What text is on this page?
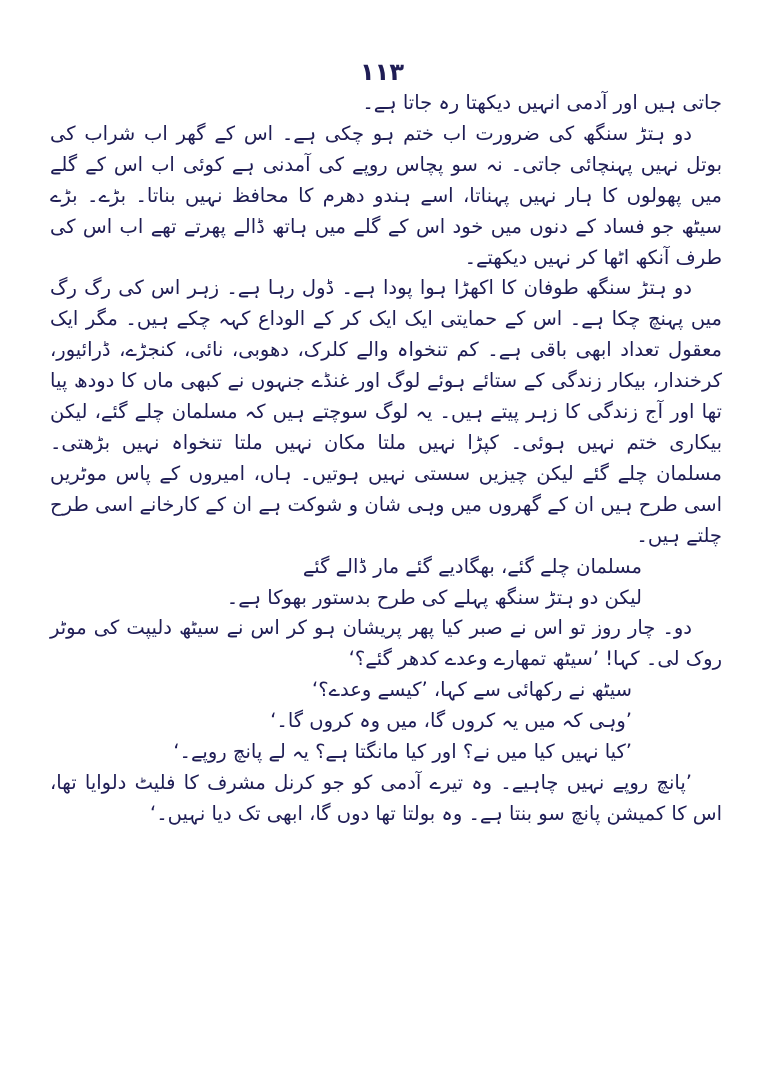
۱۱۳

جاتی ہیں اور آدمی انہیں دیکھتا رہ جاتا ہے۔

دو ہتڑ سنگھ کی ضرورت اب ختم ہو چکی ہے۔ اس کے گھر اب شراب کی بوتل نہیں پہنچائی جاتی۔ نہ سو پچاس روپے کی آمدنی ہے کوئی اب اس کے گلے میں پھولوں کا ہار نہیں پہناتا، اسے ہندو دھرم کا محافظ نہیں بناتا۔ بڑے۔ بڑے سیٹھ جو فساد کے دنوں میں خود اس کے گلے میں ہاتھ ڈالے پھرتے تھے اب اس کی طرف آنکھ اٹھا کر نہیں دیکھتے۔

دو ہتڑ سنگھ طوفان کا اکھڑا ہوا پودا ہے۔ ڈول رہا ہے۔ زہر اس کی رگ رگ میں پہنچ چکا ہے۔ اس کے حمایتی ایک ایک کر کے الوداع کہہ چکے ہیں۔ مگر ایک معقول تعداد ابھی باقی ہے۔ کم تنخواہ والے کلرک، دھوبی، نائی، کنجڑے، ڈرائیور، کرخندار، بیکار زندگی کے ستائے ہوئے لوگ اور غنڈے جنہوں نے کبھی ماں کا دودھ پیا تھا اور آج زندگی کا زہر پیتے ہیں۔ یہ لوگ سوچتے ہیں کہ مسلمان چلے گئے، لیکن بیکاری ختم نہیں ہوئی۔ کپڑا نہیں ملتا مکان نہیں ملتا تنخواہ نہیں بڑھتی۔ مسلمان چلے گئے لیکن چیزیں سستی نہیں ہوتیں۔ ہاں، امیروں کے پاس موٹریں اسی طرح ہیں ان کے گھروں میں وہی شان و شوکت ہے ان کے کارخانے اسی طرح چلتے ہیں۔

مسلمان چلے گئے، بھگادیے گئے مار ڈالے گئے

لیکن دو ہتڑ سنگھ پہلے کی طرح بدستور بھوکا ہے۔

دو۔ چار روز تو اس نے صبر کیا پھر پریشان ہو کر اس نے سیٹھ دلیپت کی موٹر روک لی۔ کہا! ’سیٹھ تمھارے وعدے کدھر گئے؟‘

سیٹھ نے رکھائی سے کہا، ’کیسے وعدے؟‘

’وہی کہ میں یہ کروں گا، میں وہ کروں گا۔‘

’کیا نہیں کیا میں نے؟ اور کیا مانگتا ہے؟ یہ لے پانچ روپے۔‘

’پانچ روپے نہیں چاہیے۔ وہ تیرے آدمی کو جو کرنل مشرف کا فلیٹ دلوایا تھا، اس کا کمیشن پانچ سو بنتا ہے۔ وہ بولتا تھا دوں گا، ابھی تک دیا نہیں۔‘
